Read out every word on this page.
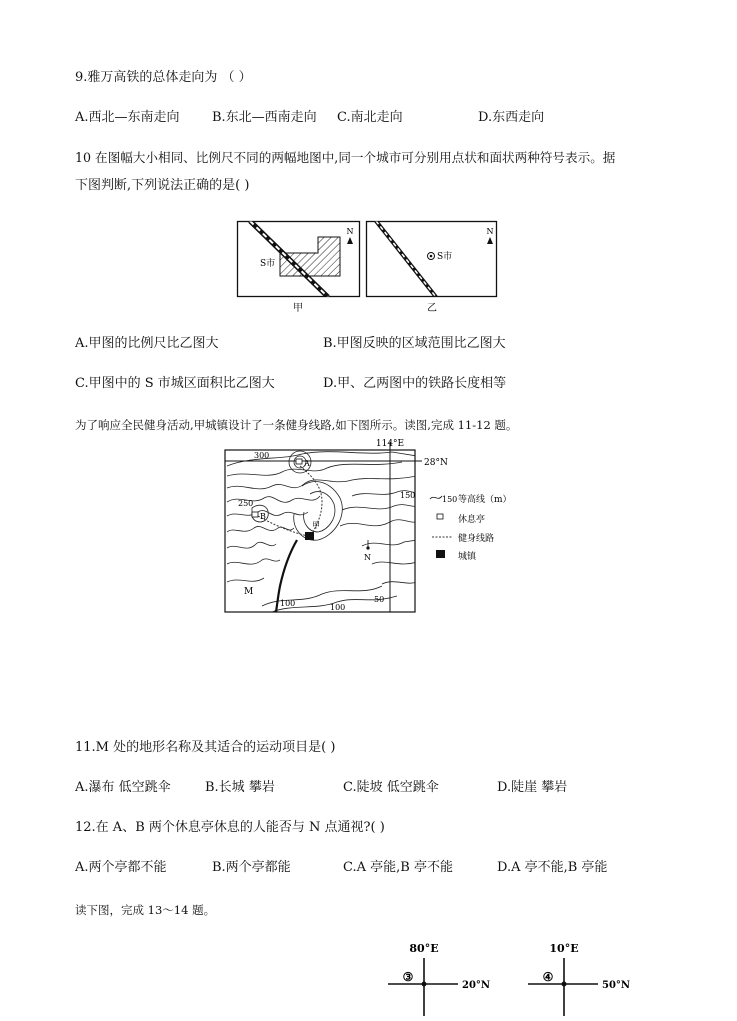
9.雅万高铁的总体走向为 （ ）
A.西北—东南走向 B.东北—西南走向 C.南北走向	D.东西走向
10 在图幅大小相同、比例尺不同的两幅地图中,同一个城市可分别用点状和面状两种符号表示。据
下图判断,下列说法正确的是( )
S市
N
甲
S市
N
乙
A.甲图的比例尺比乙图大	B.甲图反映的区域范围比乙图大
C.甲图中的 S 市城区面积比乙图大	D.甲、乙两图中的铁路长度相等
为了响应全民健身活动,甲城镇设计了一条健身线路,如下图所示。读图,完成 11-12 题。
114°E
28°N
300
250
150
100	100
50
A
B
甲
N
M
150 等高线（m）
休息亭
健身线路
城镇
11.M 处的地形名称及其适合的运动项目是( )
A.瀑布 低空跳伞	B.长城 攀岩	C.陡坡 低空跳伞	D.陡崖 攀岩
12.在 A、B 两个休息亭休息的人能否与 N 点通视?( )
A.两个亭都不能	B.两个亭都能	C.A 亭能,B 亭不能	D.A 亭不能,B 亭能
读下图，完成 13～14 题。
80°E
③
20°N
10°E
④
50°N
